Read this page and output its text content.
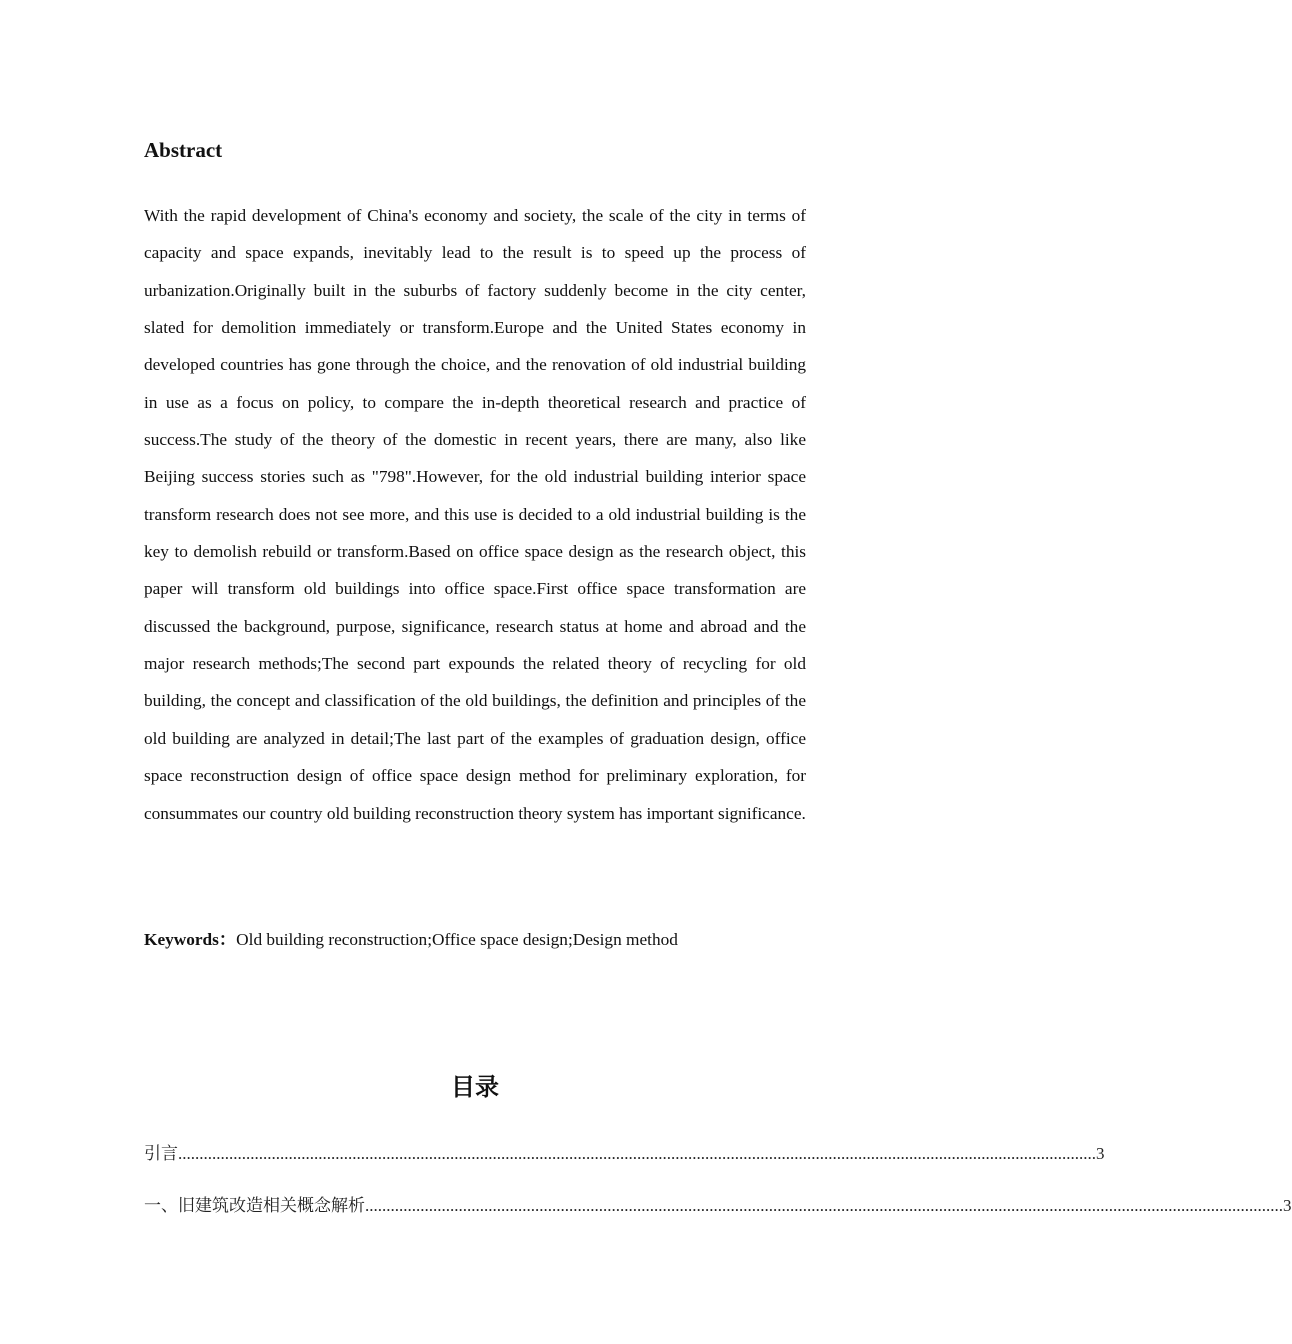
Abstract

With the rapid development of China's economy and society, the scale of the city in terms of capacity and space expands, inevitably lead to the result is to speed up the process of urbanization.Originally built in the suburbs of factory suddenly become in the city center, slated for demolition immediately or transform.Europe and the United States economy in developed countries has gone through the choice, and the renovation of old industrial building in use as a focus on policy, to compare the in-depth theoretical research and practice of success.The study of the theory of the domestic in recent years, there are many, also like Beijing success stories such as "798".However, for the old industrial building interior space transform research does not see more, and this use is decided to a old industrial building is the key to demolish rebuild or transform.Based on office space design as the research object, this paper will transform old buildings into office space.First office space transformation are discussed the background, purpose, significance, research status at home and abroad and the major research methods;The second part expounds the related theory of recycling for old building, the concept and classification of the old buildings, the definition and principles of the old building are analyzed in detail;The last part of the examples of graduation design, office space reconstruction design of office space design method for preliminary exploration, for consummates our country old building reconstruction theory system has important significance.

Keywords：Old building reconstruction;Office space design;Design method

目录
引言 ........................................................................................................................................................................................................................ 3
一、旧建筑改造相关概念解析 ........................................................................................................................................................................................................................ 3
